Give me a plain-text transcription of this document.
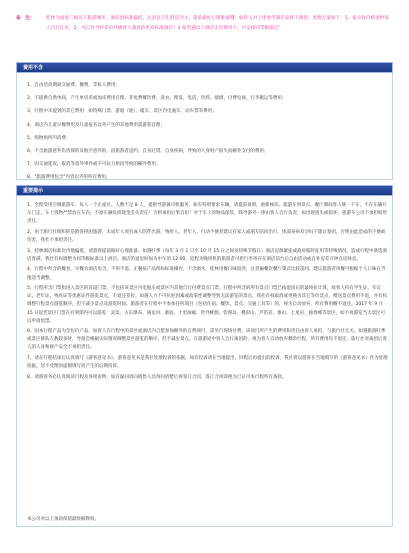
备　注：	桂林为国家三线以下旅游城市，酒店因标准偏低，注意以卫生舒适为主，提前做好心理准备哦！如客人对上述参考酒店安排不满意，处理方案如下：1、按实收价格退给客人自行订房，2、可自补当时差价升级客人满意的更高标准酒店！3 如若遇以上酒店无房情况下，可安排同等级酒店！
费用不含
1、自由活动期间交通费、餐费、等私人费用；
2、不提供自然单间，产生单房差或加床费用自理。非免费餐饮费、洗衣、理发、电话、饮料、烟酒、付费电视、行李搬运等费用；
3、行程中未提到的其它费用：如特殊门票、游船（轮）、缆车、景区内电瓶车、动车票等费用；
4、酒店内儿童早餐费用及儿童报名以外产生的其他费用需游客自理；
5、购物场所内消费；
6、不含旅游意外伤害保险及航空意外险，因旅游者违约、自身过错、自身疾病，导致的人身财产损失而额外支付的费用；
7、因交通延误、取消等意外事件或不可抗力原因导致的额外费用；
8、"旅游费用包含"内容以外的所有费用。
重要提示
1、全程受用空调旅游车，每人一个正座位。人数不足 8 人，提供导游兼司机服务，如有特别要求车辆，请提前说明，重新核价。旅游车到景点、餐厅期间客人统一下车，不在车辆开车门走，车上钱物严禁放在车内，不准车辆负担现金丢失责任！否则承担后果自担！对于车上的物品保管，除导游外一律由客人自行负责，如出现遗失或损坏，旅游车公司不承担赔偿责任。
2、由于旅行社组织的是散客拼团旅游，未成年人须有成人陪伴出游，残疾人、老年人、行动不便者建议有家人或朋友陪同出行，体弱多病及孕妇不建议参团，否则由此造成的不便或伤害，我社不承担责任。
3、桂林酒店标准比内地偏低，请游客提前做好心理准备。如遇旺季（每年 3 月 1 日至 10 月 15 日之间及特殊节假日）酒店房源紧张或政府临时征用等特殊情况，造成行程中备选酒店客满，我社有权调整为同等级标准以上酒店。酒店的退房时间为中午的 12:00，返程为晚班机的旅游者可把行李寄存在酒店前台后自由活动或自补房差开钟点房休息。
4、行程中所含的餐食，早餐为酒店房含，不用不退。正餐按产品所标标准操作，不含酒水，桂林用餐口味较淡，且普遍餐饮餐厅菜式比较雷同，建议旅游者用餐可根据个人口味在当地适当调整。
5、行程所含门票指进入景区的首道门票，不包括该景区内电瓶车或景区内其他自行付费景点门票。行程中所含的所有景点门票已按退团后的最终价计算，故客人持有学生证、军官证、老年证、残疾证等优惠证件游览景点，不退还差价。如遇人力不可抗拒因素或政策性调整导致无法游览的景点，我社有权取消或更换为其它等价景点，赠送景点费用不退，并有权调整行程景点游览顺序，但不减少景点及游览时间。旅游者在行程中不参加任何项目（包括住宿、餐饮、景点、交通工具等）的，视为自动放弃，所有费用概不退还。2017 年 9 月 15 日起凭景区门票在有效期内可以游览：灵渠、古东瀑布、遇龙河、寨底、十里画廊、世外桃源、訾洲岛、叠彩山、芦笛岩、象山、七星岩、独秀峰等景区，如不再游览当天景区可以申请退票。
6、因本行程产品为全包价产品，如客人在行程中的景区或酒店内自愿参加额外的自费项目，需另行现场付费，该项目所产生的费用和责任由客人承担，与旅行社无关。如遇旅游旺季或景区排队人数较多时，导游会根据实际情况调整景区游览的顺序，但不减少景点。在旅游途中客人自行离团的，视为客人自动放弃剩余行程，所有费用均不退还，旅行社对离团后客人的人身和财产安全不承担责任。
7、请在行程结束后认真填写《游客意见书》，游客意见书是我社处理投诉的依据，如有投诉请在当地提出，回程后再提出的投诉，我社将以游客在当地填写的《游客意见书》作为处理依据，恕不受理因虚假填写而产生的后期投诉。
8、请游客务必认真阅读行程及各项说明，如有疑问请向销售人员询问清楚后再签订合同，签订合同即视为已认可本行程所有条款。
本公司对以上条款保留最终解释权。
